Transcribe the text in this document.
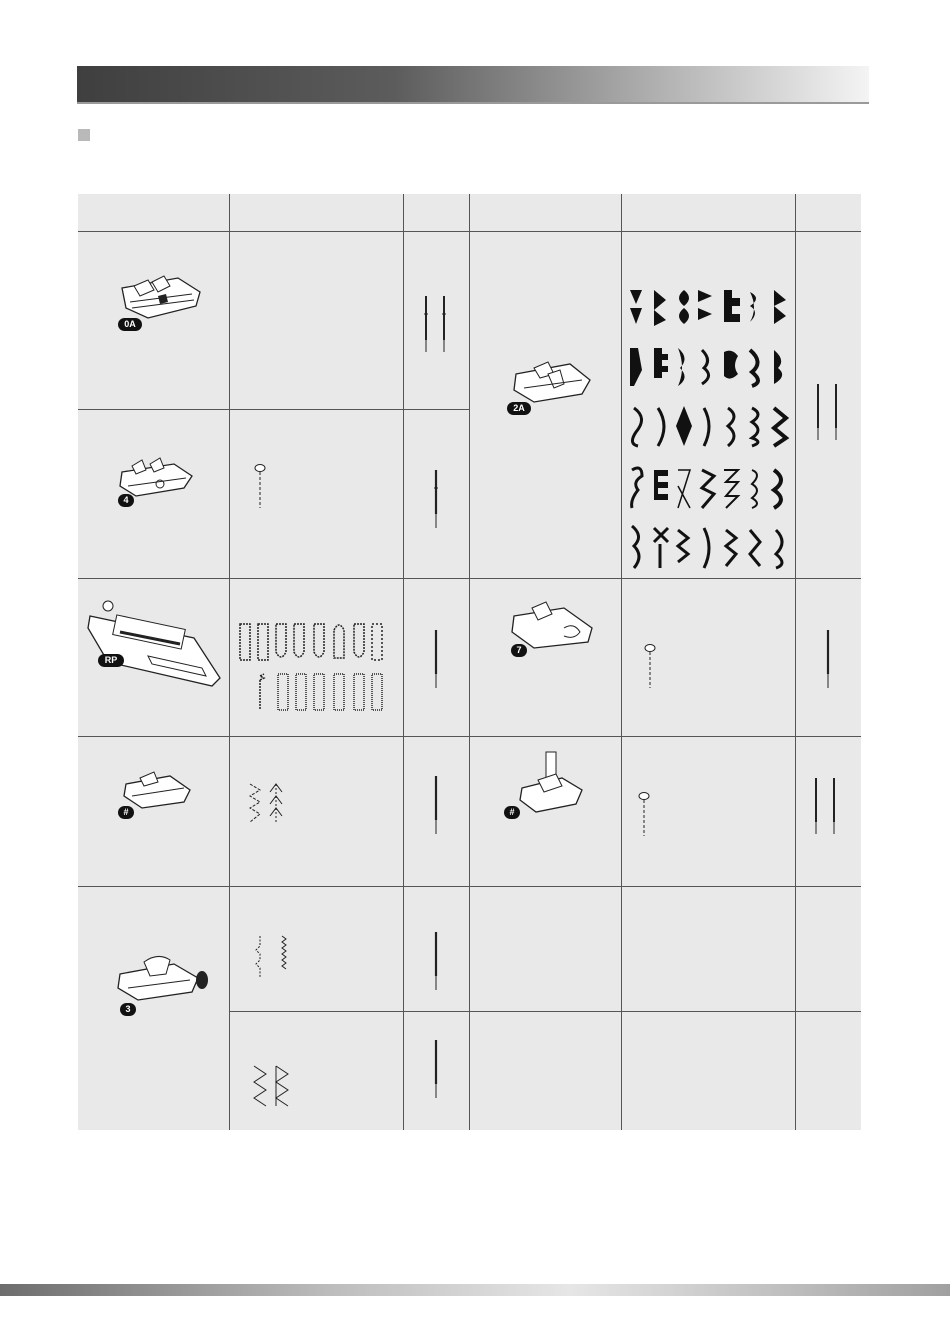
0A
4
2A
RP
7
#	#
3
